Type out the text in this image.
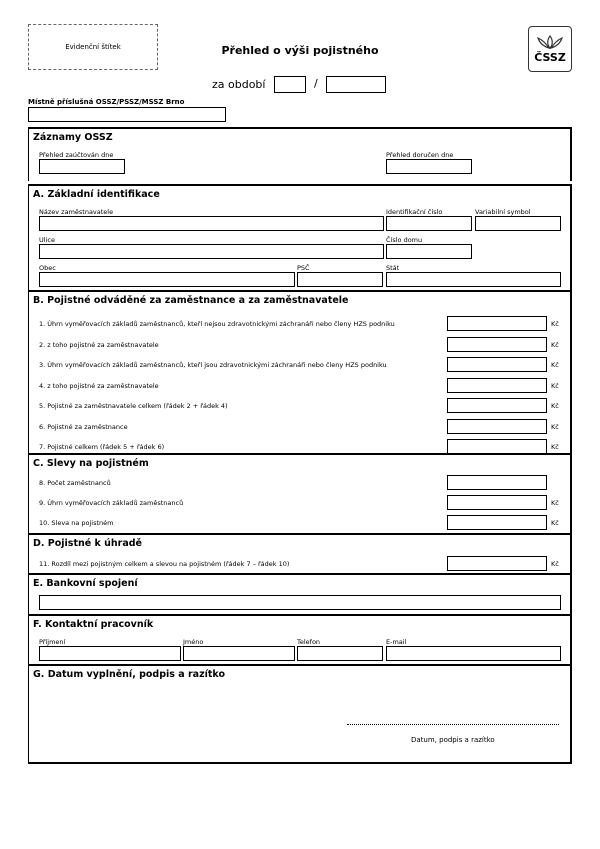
Evidenční štítek	Přehled o výši pojistného
ČSSZ
za období	/
Místně příslušná OSSZ/PSSZ/MSSZ Brno
Záznamy OSSZ
Přehled zaúčtován dne	Přehled doručen dne
A. Základní identifikace
Název zaměstnavatele	Identifikační číslo	Variabilní symbol
Ulice	Číslo domu
Obec	PSČ	Stát
B. Pojistné odváděné za zaměstnance a za zaměstnavatele
1. Úhrn vyměřovacích základů zaměstnanců, kteří nejsou zdravotnickými záchranáři nebo členy HZS podniku	Kč
2. z toho pojistné za zaměstnavatele	Kč
3. Úhrn vyměřovacích základů zaměstnanců, kteří jsou zdravotnickými záchranáři nebo členy HZS podniku	Kč
4. z toho pojistné za zaměstnavatele	Kč
5. Pojistné za zaměstnavatele celkem (řádek 2 + řádek 4)	Kč
6. Pojistné za zaměstnance	Kč
7. Pojistné celkem (řádek 5 + řádek 6)	Kč
C. Slevy na pojistném
8. Počet zaměstnanců
9. Úhrn vyměřovacích základů zaměstnanců	Kč
10. Sleva na pojistném	Kč
D. Pojistné k úhradě
11. Rozdíl mezi pojistným celkem a slevou na pojistném (řádek 7 – řádek 10)	Kč
E. Bankovní spojení
F. Kontaktní pracovník
Příjmení	Jméno	Telefon	E-mail
G. Datum vyplnění, podpis a razítko
Datum, podpis a razítko
